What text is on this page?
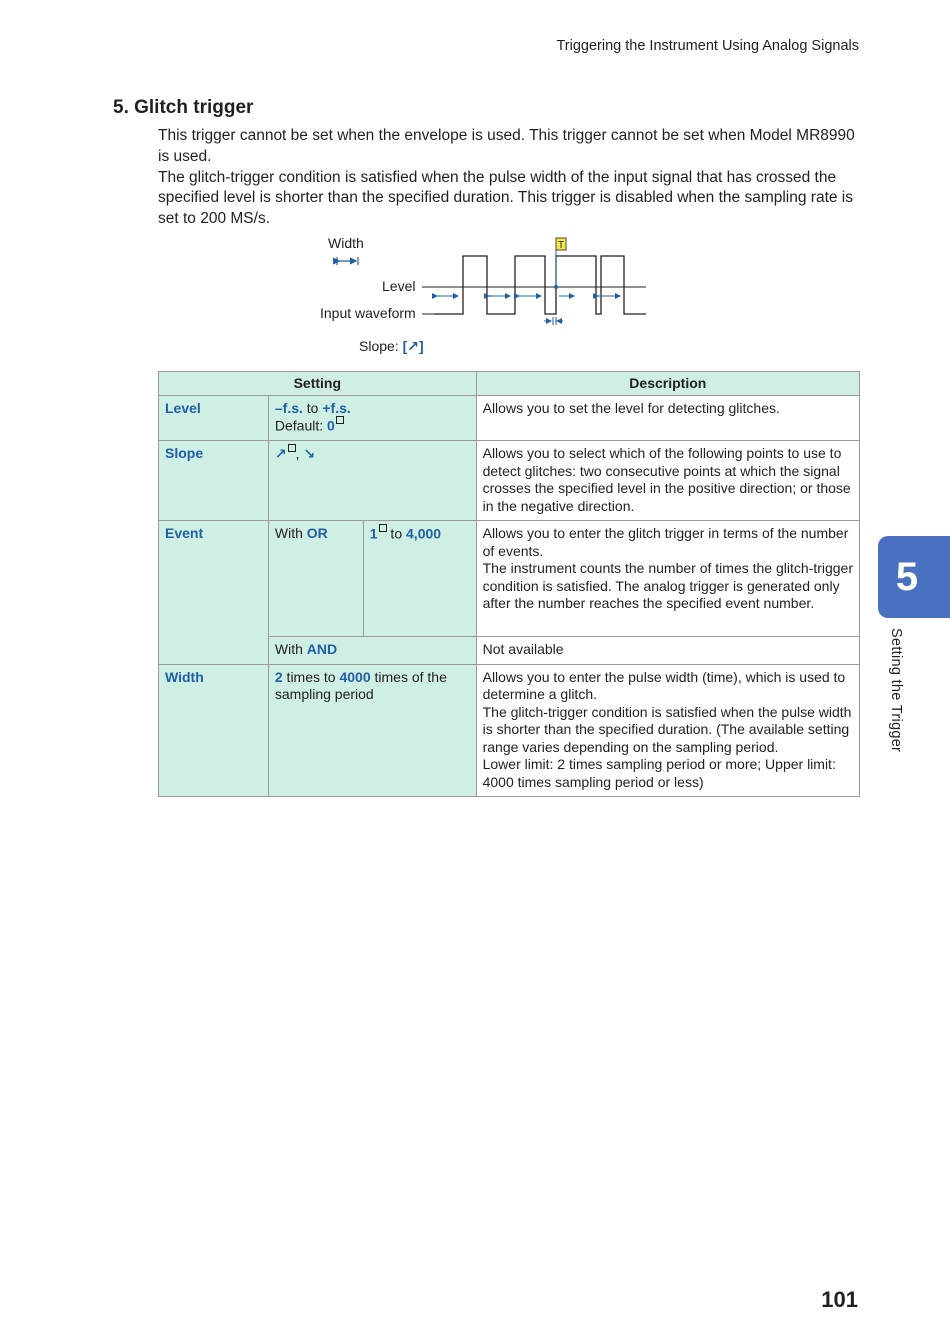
Triggering the Instrument Using Analog Signals
5. Glitch trigger

This trigger cannot be set when the envelope is used. This trigger cannot be set when Model MR8990 is used.

The glitch-trigger condition is satisfied when the pulse width of the input signal that has crossed the specified level is shorter than the specified duration. This trigger is disabled when the sampling rate is set to 200 MS/s.

Width
Level
Input waveform
Slope: [↗]
T
Setting			Description
Level	–f.s. to +f.s.
Default: 0		Allows you to set the level for detecting glitches.
Slope	↗ , ↘		Allows you to select which of the following points to use to detect glitches: two consecutive points at which the signal crosses the specified level in the positive direction; or those in the negative direction.
Event	With OR	1 to 4,000	Allows you to enter the glitch trigger in terms of the number of events.
The instrument counts the number of times the glitch-trigger condition is satisfied. The analog trigger is generated only after the number reaches the specified event number.
	With AND		Not available
Width	2 times to 4000 times of the sampling period		Allows you to enter the pulse width (time), which is used to determine a glitch.
The glitch-trigger condition is satisfied when the pulse width is shorter than the specified duration. (The available setting range varies depending on the sampling period.
Lower limit: 2 times sampling period or more; Upper limit: 4000 times sampling period or less)
5
Setting the Trigger
101
